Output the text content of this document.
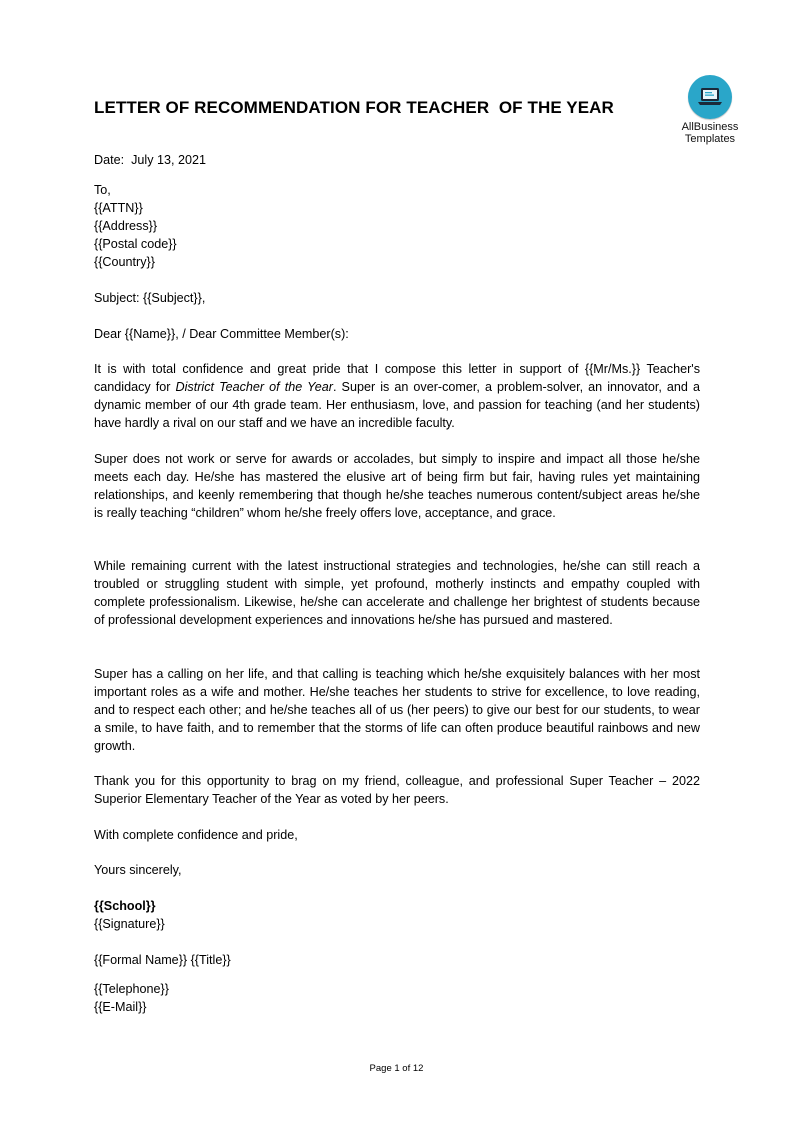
LETTER OF RECOMMENDATION FOR TEACHER  OF THE YEAR
AllBusiness
Templates
Date:  July 13, 2021
To,
{{ATTN}}
{{Address}}
{{Postal code}}
{{Country}}
Subject: {{Subject}},
Dear {{Name}}, / Dear Committee Member(s):
It is with total confidence and great pride that I compose this letter in support of {{Mr/Ms.}} Teacher's candidacy for District Teacher of the Year. Super is an over-comer, a problem-solver, an innovator, and a dynamic member of our 4th grade team. Her enthusiasm, love, and passion for teaching (and her students) have hardly a rival on our staff and we have an incredible faculty.
Super does not work or serve for awards or accolades, but simply to inspire and impact all those he/she meets each day. He/she has mastered the elusive art of being firm but fair, having rules yet maintaining relationships, and keenly remembering that though he/she teaches numerous content/subject areas he/she is really teaching “children” whom he/she freely offers love, acceptance, and grace.
While remaining current with the latest instructional strategies and technologies, he/she can still reach a troubled or struggling student with simple, yet profound, motherly instincts and empathy coupled with complete professionalism. Likewise, he/she can accelerate and challenge her brightest of students because of professional development experiences and innovations he/she has pursued and mastered.
Super has a calling on her life, and that calling is teaching which he/she exquisitely balances with her most important roles as a wife and mother. He/she teaches her students to strive for excellence, to love reading, and to respect each other; and he/she teaches all of us (her peers) to give our best for our students, to wear a smile, to have faith, and to remember that the storms of life can often produce beautiful rainbows and new growth.
Thank you for this opportunity to brag on my friend, colleague, and professional Super Teacher – 2022 Superior Elementary Teacher of the Year as voted by her peers.
With complete confidence and pride,
Yours sincerely,
{{School}}
{{Signature}}
{{Formal Name}} {{Title}}
{{Telephone}}
{{E-Mail}}
Page 1 of 12
